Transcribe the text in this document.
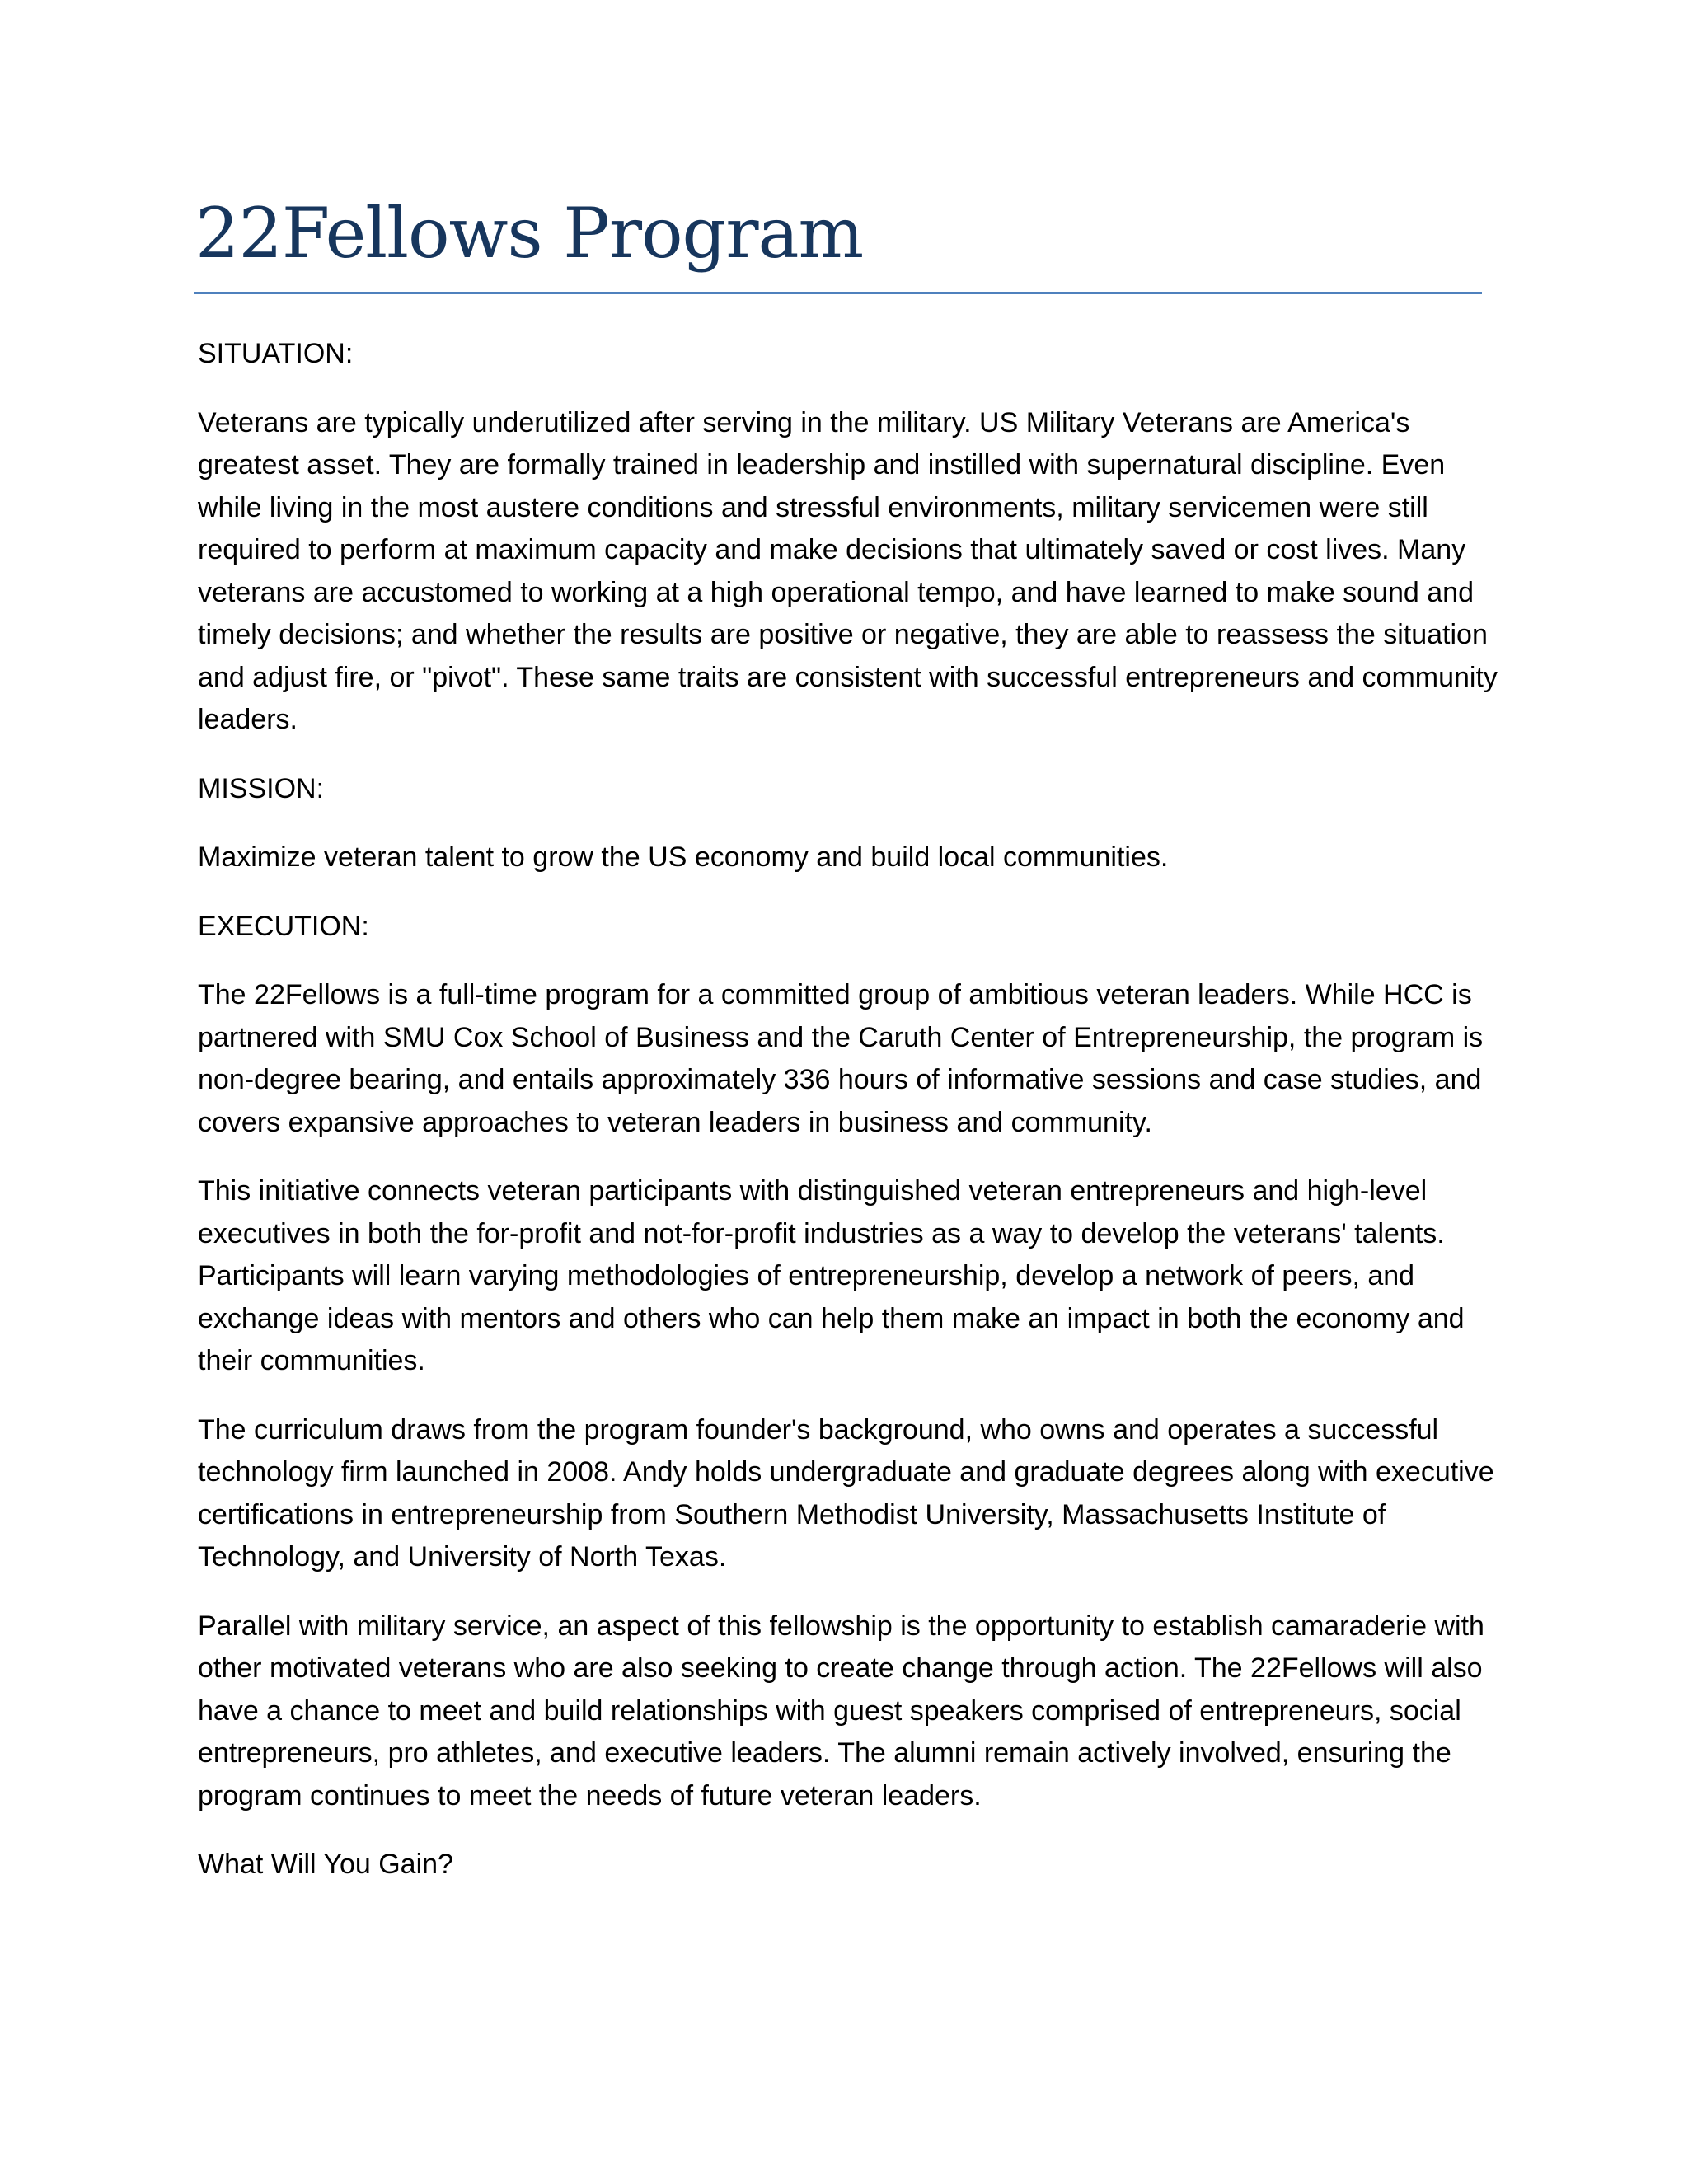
22Fellows Program

SITUATION:

Veterans are typically underutilized after serving in the military. US Military Veterans are America's greatest asset. They are formally trained in leadership and instilled with supernatural discipline. Even while living in the most austere conditions and stressful environments, military servicemen were still required to perform at maximum capacity and make decisions that ultimately saved or cost lives. Many veterans are accustomed to working at a high operational tempo, and have learned to make sound and timely decisions; and whether the results are positive or negative, they are able to reassess the situation and adjust fire, or "pivot". These same traits are consistent with successful entrepreneurs and community leaders.

MISSION:

Maximize veteran talent to grow the US economy and build local communities.

EXECUTION:

The 22Fellows is a full-time program for a committed group of ambitious veteran leaders. While HCC is partnered with SMU Cox School of Business and the Caruth Center of Entrepreneurship, the program is non-degree bearing, and entails approximately 336 hours of informative sessions and case studies, and covers expansive approaches to veteran leaders in business and community.

This initiative connects veteran participants with distinguished veteran entrepreneurs and high-level executives in both the for-profit and not-for-profit industries as a way to develop the veterans' talents. Participants will learn varying methodologies of entrepreneurship, develop a network of peers, and exchange ideas with mentors and others who can help them make an impact in both the economy and their communities.

The curriculum draws from the program founder's background, who owns and operates a successful technology firm launched in 2008. Andy holds undergraduate and graduate degrees along with executive certifications in entrepreneurship from Southern Methodist University, Massachusetts Institute of Technology, and University of North Texas.

Parallel with military service, an aspect of this fellowship is the opportunity to establish camaraderie with other motivated veterans who are also seeking to create change through action. The 22Fellows will also have a chance to meet and build relationships with guest speakers comprised of entrepreneurs, social entrepreneurs, pro athletes, and executive leaders. The alumni remain actively involved, ensuring the program continues to meet the needs of future veteran leaders.

What Will You Gain?
